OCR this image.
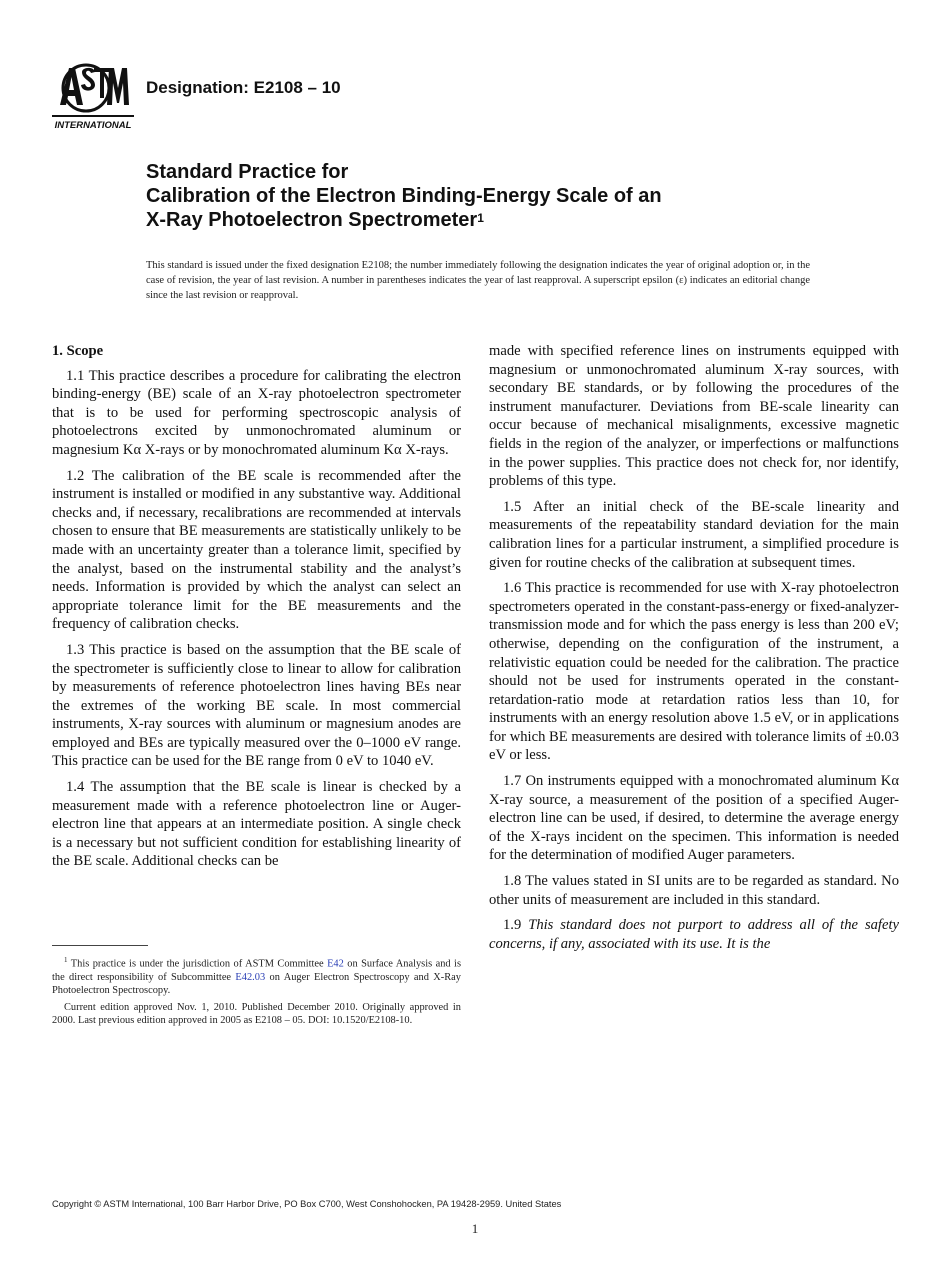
INTERNATIONAL
Designation: E2108 – 10
Standard Practice for
Calibration of the Electron Binding-Energy Scale of an
X-Ray Photoelectron Spectrometer$^1$
This standard is issued under the fixed designation E2108; the number immediately following the designation indicates the year of original adoption or, in the case of revision, the year of last revision. A number in parentheses indicates the year of last reapproval. A superscript epsilon (ε) indicates an editorial change since the last revision or reapproval.

1. Scope

1.1 This practice describes a procedure for calibrating the electron binding-energy (BE) scale of an X-ray photoelectron spectrometer that is to be used for performing spectroscopic analysis of photoelectrons excited by unmonochromated aluminum or magnesium Kα X-rays or by monochromated aluminum Kα X-rays.

1.2 The calibration of the BE scale is recommended after the instrument is installed or modified in any substantive way. Additional checks and, if necessary, recalibrations are recommended at intervals chosen to ensure that BE measurements are statistically unlikely to be made with an uncertainty greater than a tolerance limit, specified by the analyst, based on the instrumental stability and the analyst’s needs. Information is provided by which the analyst can select an appropriate tolerance limit for the BE measurements and the frequency of calibration checks.

1.3 This practice is based on the assumption that the BE scale of the spectrometer is sufficiently close to linear to allow for calibration by measurements of reference photoelectron lines having BEs near the extremes of the working BE scale. In most commercial instruments, X-ray sources with aluminum or magnesium anodes are employed and BEs are typically measured over the 0–1000 eV range. This practice can be used for the BE range from 0 eV to 1040 eV.

1.4 The assumption that the BE scale is linear is checked by a measurement made with a reference photoelectron line or Auger-electron line that appears at an intermediate position. A single check is a necessary but not sufficient condition for establishing linearity of the BE scale. Additional checks can be

made with specified reference lines on instruments equipped with magnesium or unmonochromated aluminum X-ray sources, with secondary BE standards, or by following the procedures of the instrument manufacturer. Deviations from BE-scale linearity can occur because of mechanical misalignments, excessive magnetic fields in the region of the analyzer, or imperfections or malfunctions in the power supplies. This practice does not check for, nor identify, problems of this type.

1.5 After an initial check of the BE-scale linearity and measurements of the repeatability standard deviation for the main calibration lines for a particular instrument, a simplified procedure is given for routine checks of the calibration at subsequent times.

1.6 This practice is recommended for use with X-ray photoelectron spectrometers operated in the constant-pass-energy or fixed-analyzer-transmission mode and for which the pass energy is less than 200 eV; otherwise, depending on the configuration of the instrument, a relativistic equation could be needed for the calibration. The practice should not be used for instruments operated in the constant-retardation-ratio mode at retardation ratios less than 10, for instruments with an energy resolution above 1.5 eV, or in applications for which BE measurements are desired with tolerance limits of ±0.03 eV or less.

1.7 On instruments equipped with a monochromated aluminum Kα X-ray source, a measurement of the position of a specified Auger-electron line can be used, if desired, to determine the average energy of the X-rays incident on the specimen. This information is needed for the determination of modified Auger parameters.

1.8 The values stated in SI units are to be regarded as standard. No other units of measurement are included in this standard.

1.9 This standard does not purport to address all of the safety concerns, if any, associated with its use. It is the

$^1$ This practice is under the jurisdiction of ASTM Committee E42 on Surface Analysis and is the direct responsibility of Subcommittee E42.03 on Auger Electron Spectroscopy and X-Ray Photoelectron Spectroscopy.

Current edition approved Nov. 1, 2010. Published December 2010. Originally approved in 2000. Last previous edition approved in 2005 as E2108 – 05. DOI: 10.1520/E2108-10.

Copyright © ASTM International, 100 Barr Harbor Drive, PO Box C700, West Conshohocken, PA 19428-2959. United States
1
